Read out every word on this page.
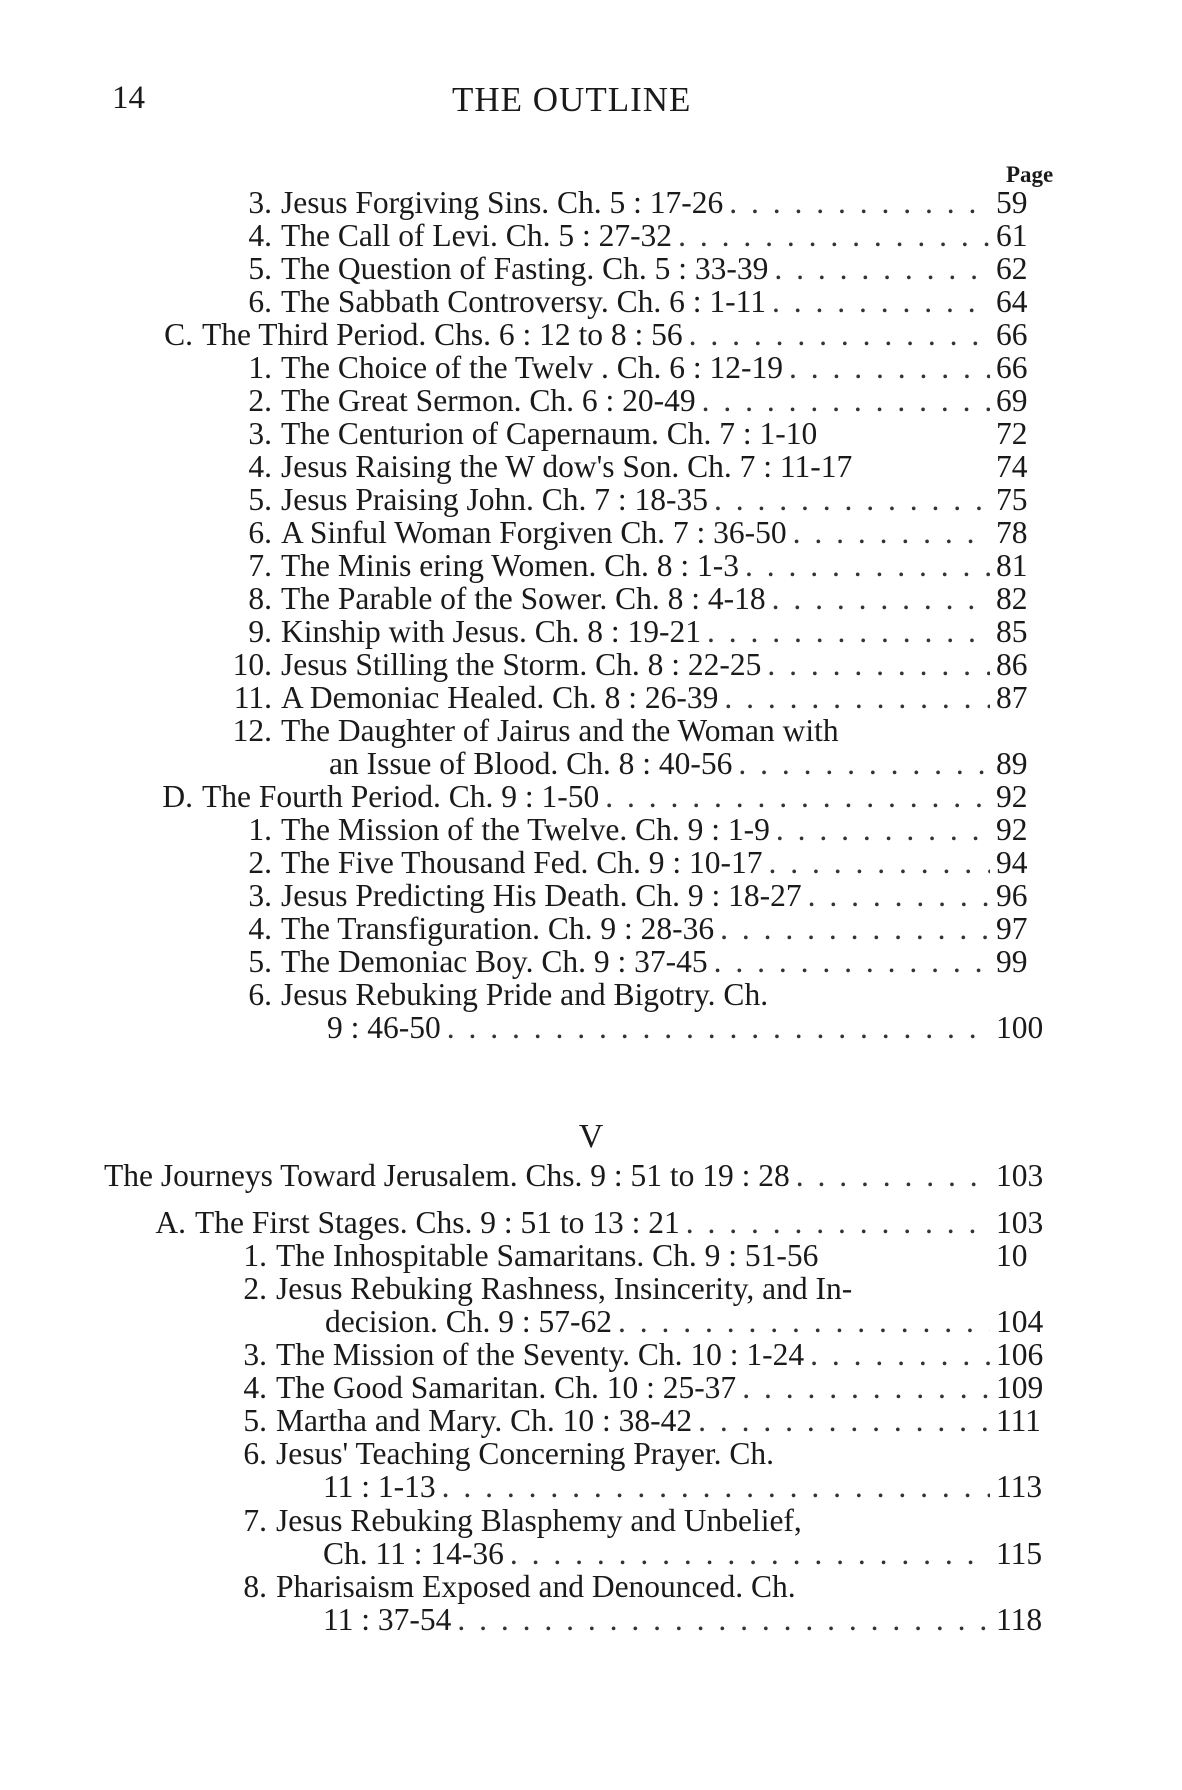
14	THE OUTLINE
Page
V
3. Jesus Forgiving Sins. Ch. 5 : 17-26 . . .	59
4. The Call of Levi. Ch. 5 : 27-32 . . .	61
5. The Question of Fasting. Ch. 5 : 33-39 . . .	62
6. The Sabbath Controversy. Ch. 6 : 1-11 . . .	64
C. The Third Period. Chs. 6 : 12 to 8 : 56 . . .	66
1. The Choice of the Twelv . Ch. 6 : 12-19 . . .	66
2. The Great Sermon. Ch. 6 : 20-49 . . .	69
3. The Centurion of Capernaum. Ch. 7 : 1-10	72
4. Jesus Raising the W dow's Son. Ch. 7 : 11-17	74
5. Jesus Praising John. Ch. 7 : 18-35 . . .	75
6. A Sinful Woman Forgiven Ch. 7 : 36-50 . . .	78
7. The Minis ering Women. Ch. 8 : 1-3 . . .	81
8. The Parable of the Sower. Ch. 8 : 4-18 . . .	82
9. Kinship with Jesus. Ch. 8 : 19-21 . . .	85
10. Jesus Stilling the Storm. Ch. 8 : 22-25 . . .	86
11. A Demoniac Healed. Ch. 8 : 26-39 . . .	87
12. The Daughter of Jairus and the Woman with
an Issue of Blood. Ch. 8 : 40-56 . . .	89
D. The Fourth Period. Ch. 9 : 1-50 . . .	92
1. The Mission of the Twelve. Ch. 9 : 1-9 . . .	92
2. The Five Thousand Fed. Ch. 9 : 10-17 . . .	94
3. Jesus Predicting His Death. Ch. 9 : 18-27 . . .	96
4. The Transfiguration. Ch. 9 : 28-36 . . .	97
5. The Demoniac Boy. Ch. 9 : 37-45 . . .	99
6. Jesus Rebuking Pride and Bigotry. Ch.
9 : 46-50 . . .	100
The Journeys Toward Jerusalem. Chs. 9 : 51 to 19 : 28 . . .	103
A. The First Stages. Chs. 9 : 51 to 13 : 21 . . .	103
1. The Inhospitable Samaritans. Ch. 9 : 51-56	10
2. Jesus Rebuking Rashness, Insincerity, and In-
decision. Ch. 9 : 57-62 . . .	104
3. The Mission of the Seventy. Ch. 10 : 1-24 . . .	106
4. The Good Samaritan. Ch. 10 : 25-37 . . .	109
5. Martha and Mary. Ch. 10 : 38-42 . . .	111
6. Jesus' Teaching Concerning Prayer. Ch.
11 : 1-13 . . .	113
7. Jesus Rebuking Blasphemy and Unbelief,
Ch. 11 : 14-36 . . .	115
8. Pharisaism Exposed and Denounced. Ch.
11 : 37-54 . . .	118
